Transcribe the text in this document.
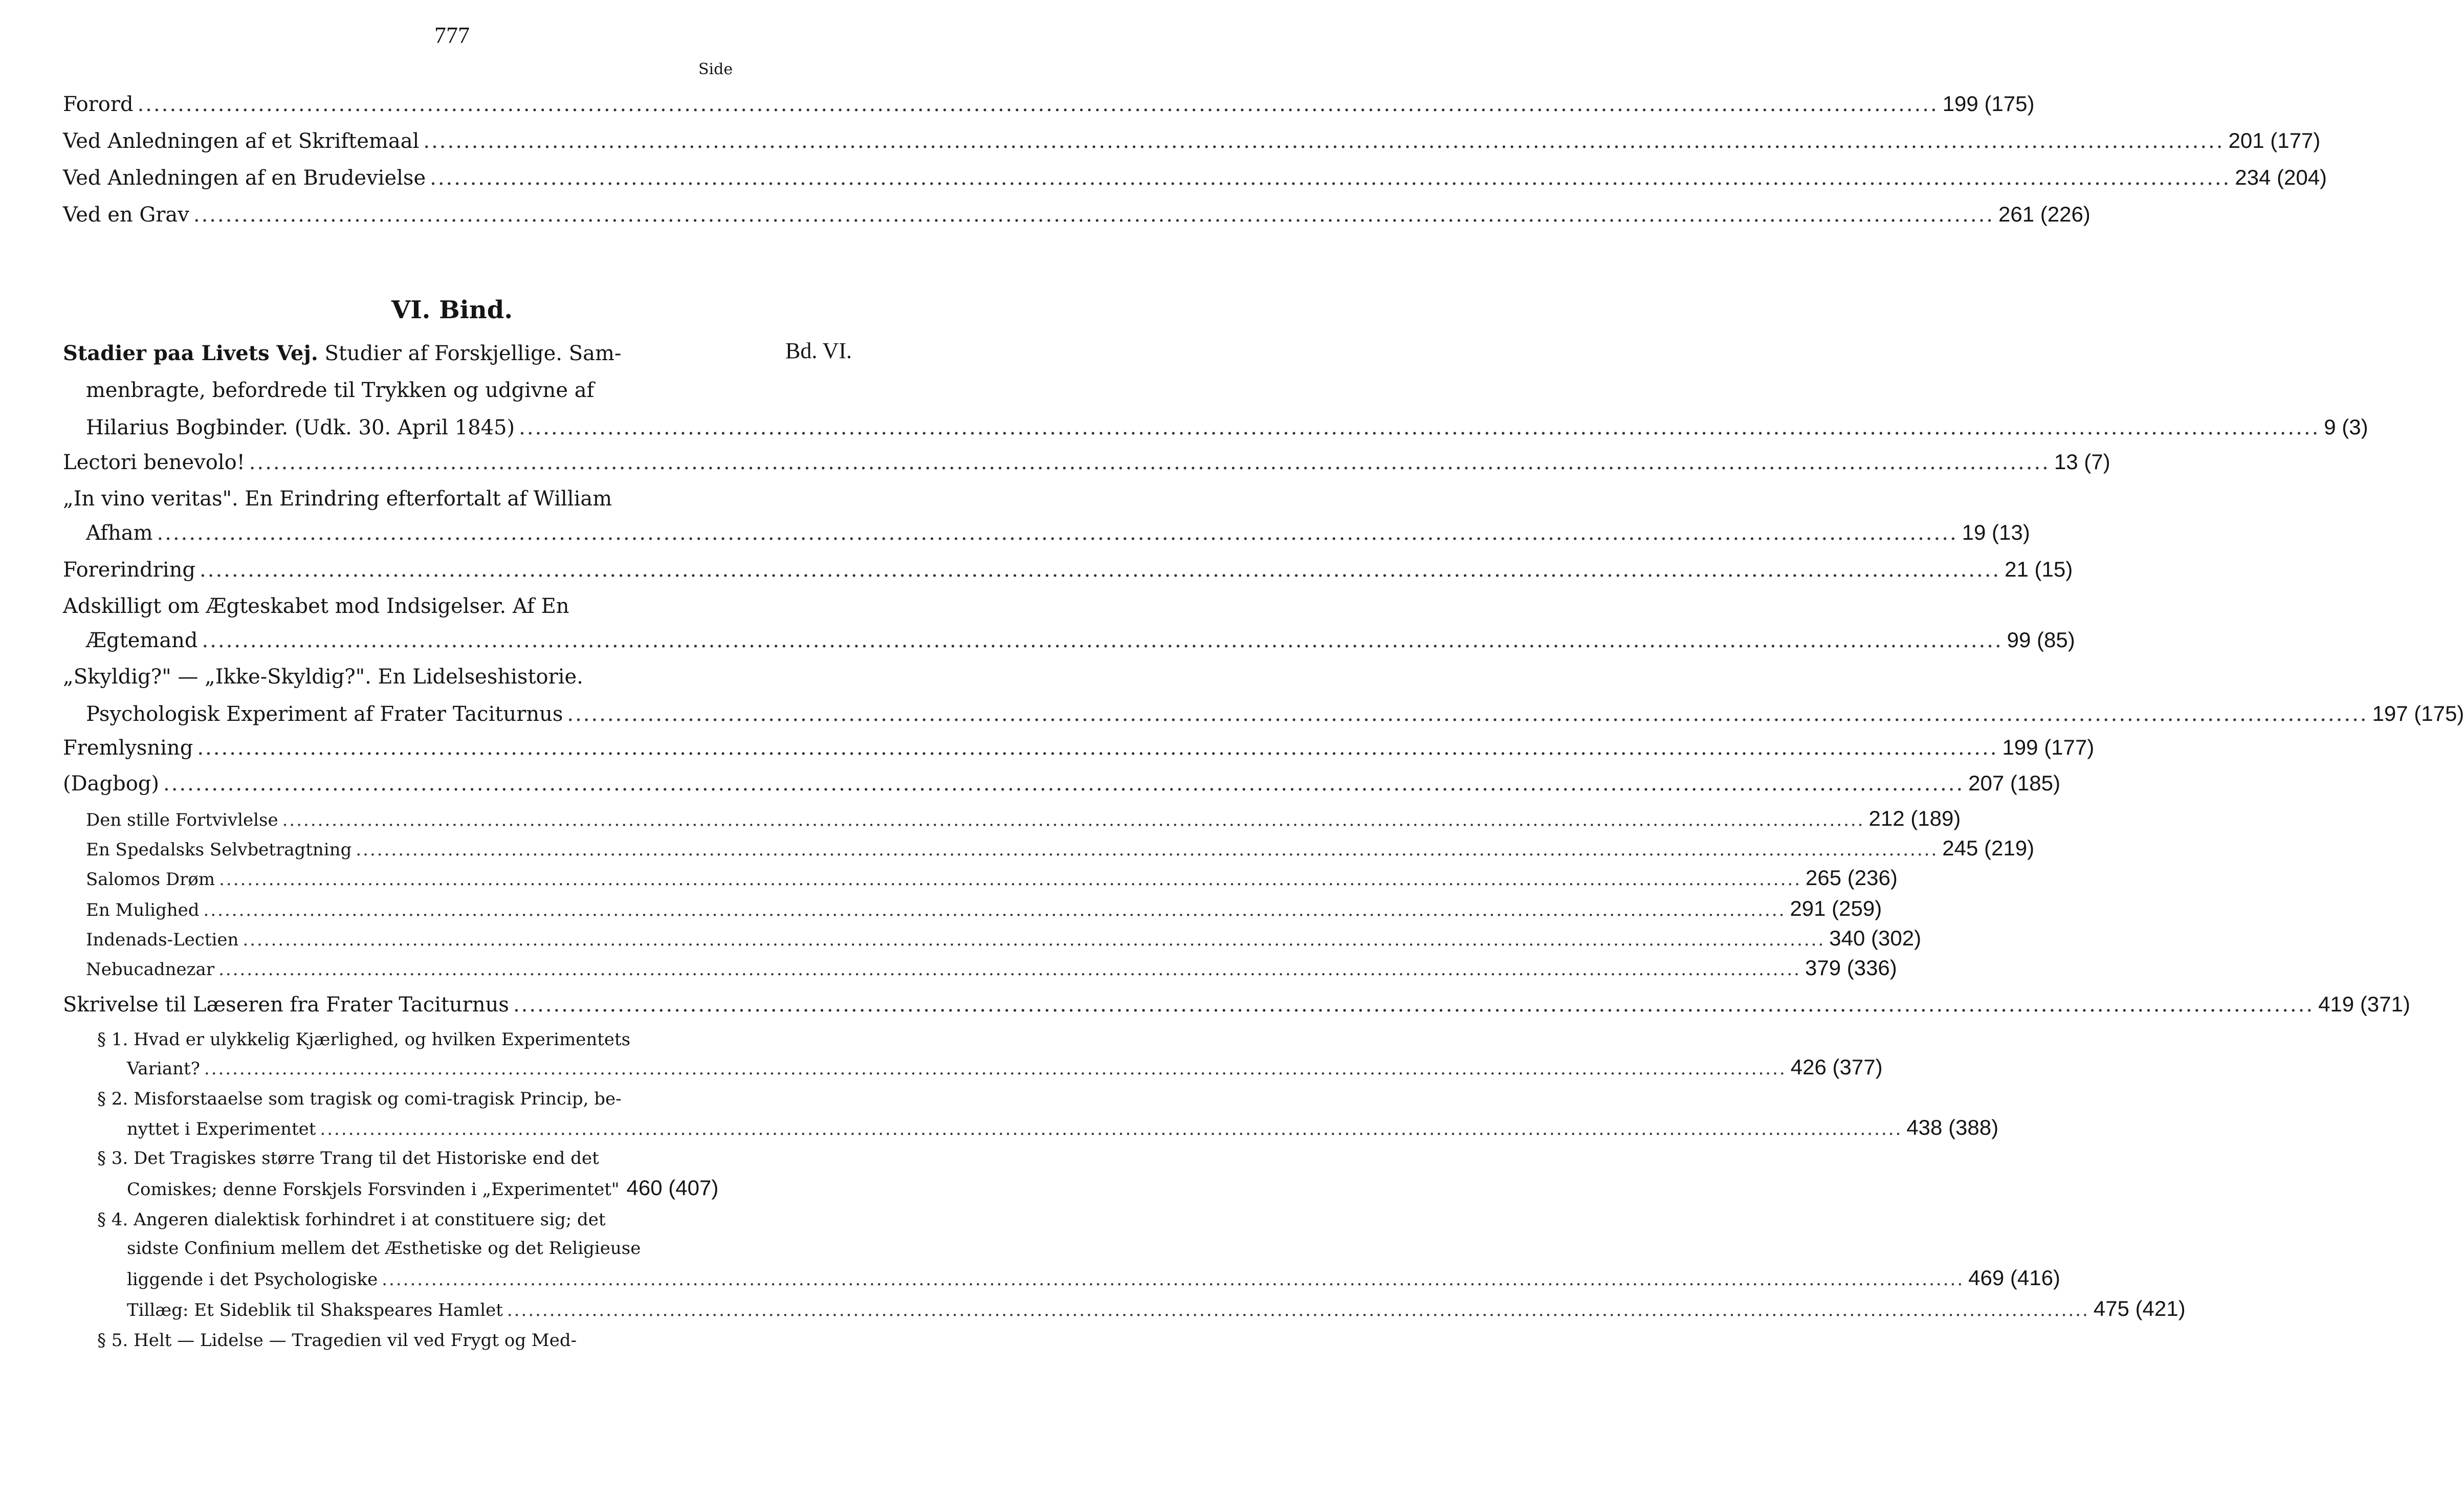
777
Side
Forord .....	199 (175)
Ved Anledningen af et Skriftemaal .....	201 (177)
Ved Anledningen af en Brudevielse .....	234 (204)
Ved en Grav .....	261 (226)
VI. Bind.
Bd. VI.
Stadier paa Livets Vej. Studier af Forskjellige. Sam-
menbragte, befordrede til Trykken og udgivne af
Hilarius Bogbinder. (Udk. 30. April 1845) .....	9 (3)
Lectori benevolo! .....	13 (7)
„In vino veritas". En Erindring efterfortalt af William
Afham .....	19 (13)
Forerindring .....	21 (15)
Adskilligt om Ægteskabet mod Indsigelser. Af En
Ægtemand .....	99 (85)
„Skyldig?" — „Ikke-Skyldig?". En Lidelseshistorie.
Psychologisk Experiment af Frater Taciturnus .....	197 (175)
Fremlysning .....	199 (177)
(Dagbog) .....	207 (185)
Den stille Fortvivlelse .....	212 (189)
En Spedalsks Selvbetragtning .....	245 (219)
Salomos Drøm .....	265 (236)
En Mulighed .....	291 (259)
Indenads-Lectien .....	340 (302)
Nebucadnezar .....	379 (336)
Skrivelse til Læseren fra Frater Taciturnus .....	419 (371)
§ 1. Hvad er ulykkelig Kjærlighed, og hvilken Experimentets
Variant? .....	426 (377)
§ 2. Misforstaaelse som tragisk og comi-tragisk Princip, be-
nyttet i Experimentet .....	438 (388)
§ 3. Det Tragiskes større Trang til det Historiske end det
Comiskes; denne Forskjels Forsvinden i „Experimentet" 460 (407)
§ 4. Angeren dialektisk forhindret i at constituere sig; det
sidste Confinium mellem det Æsthetiske og det Religieuse
liggende i det Psychologiske .....	469 (416)
Tillæg: Et Sideblik til Shakspeares Hamlet .....	475 (421)
§ 5. Helt — Lidelse — Tragedien vil ved Frygt og Med-
